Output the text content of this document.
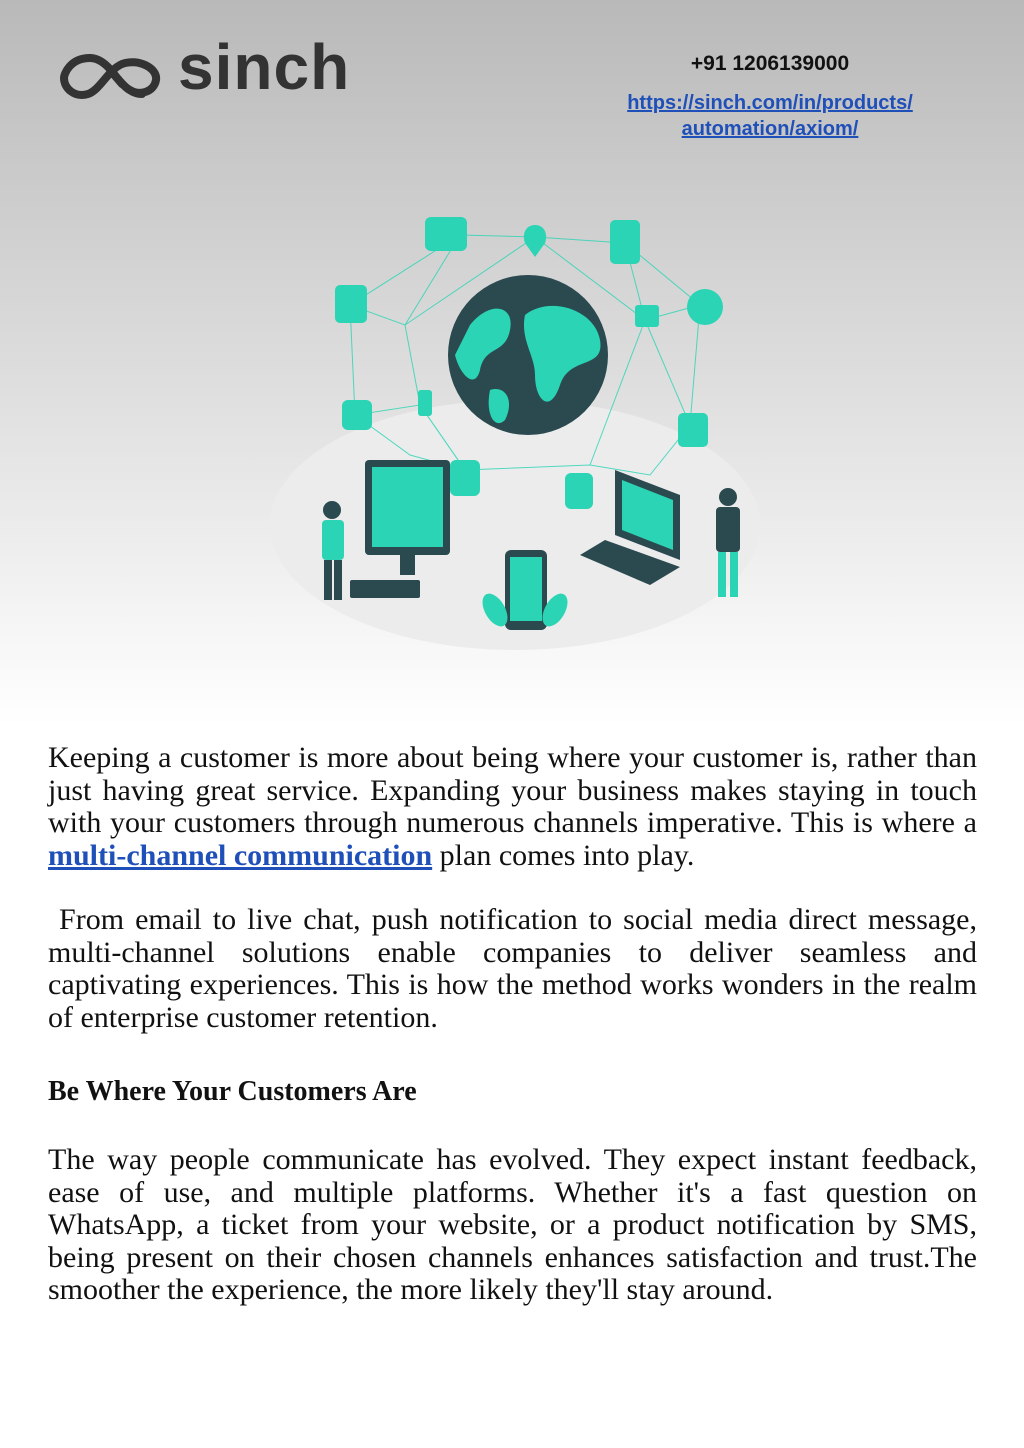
sinch	+91 1206139000
https://sinch.com/in/products/
automation/axiom/

Keeping a customer is more about being where your customer is, rather than just having great service. Expanding your business makes staying in touch with your customers through numerous channels imperative. This is where a multi-channel communication plan comes into play.

From email to live chat, push notification to social media direct message, multi-channel solutions enable companies to deliver seamless and captivating experiences. This is how the method works wonders in the realm of enterprise customer retention.

Be Where Your Customers Are

The way people communicate has evolved. They expect instant feedback, ease of use, and multiple platforms. Whether it's a fast question on WhatsApp, a ticket from your website, or a product notification by SMS, being present on their chosen channels enhances satisfaction and trust.The smoother the experience, the more likely they'll stay around.
